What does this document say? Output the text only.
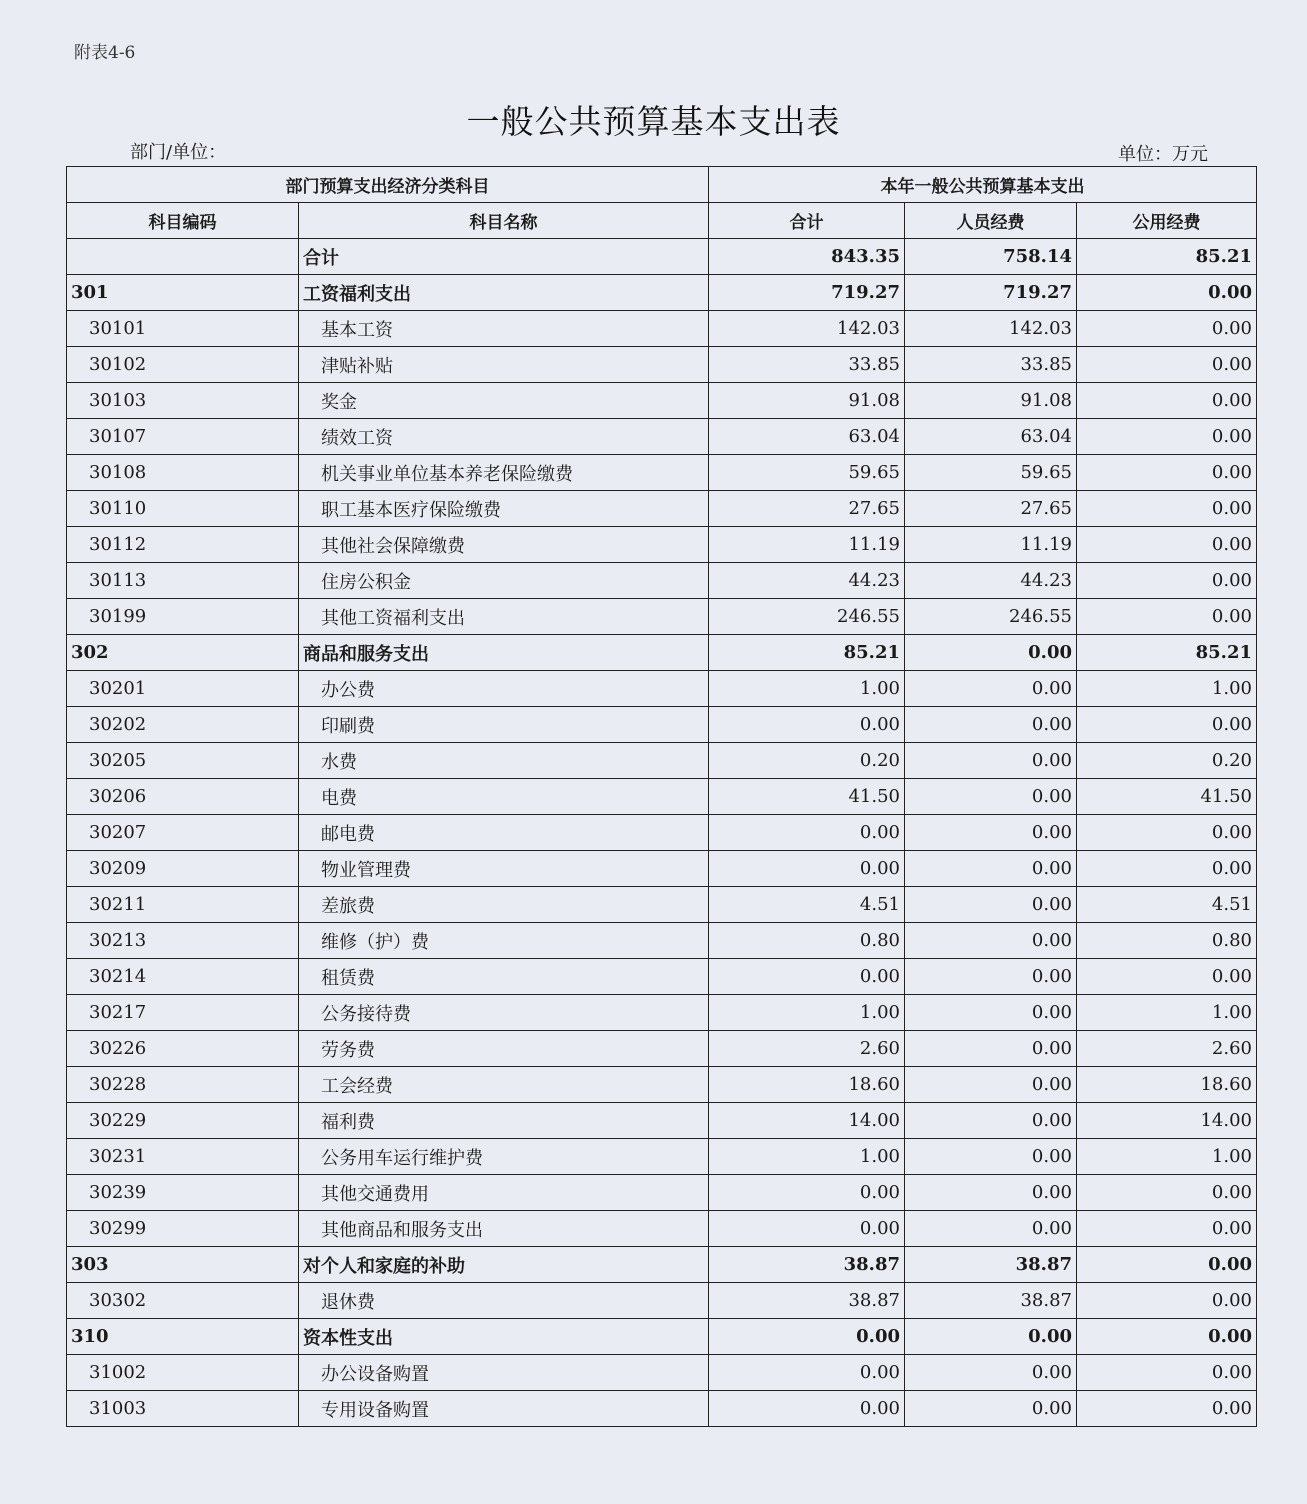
附表4-6
一般公共预算基本支出表
部门/单位：	单位：万元
部门预算支出经济分类科目		本年一般公共预算基本支出		
科目编码	科目名称	合计	人员经费	公用经费
	合计	843.35	758.14	85.21
301	工资福利支出	719.27	719.27	0.00
30101	基本工资	142.03	142.03	0.00
30102	津贴补贴	33.85	33.85	0.00
30103	奖金	91.08	91.08	0.00
30107	绩效工资	63.04	63.04	0.00
30108	机关事业单位基本养老保险缴费	59.65	59.65	0.00
30110	职工基本医疗保险缴费	27.65	27.65	0.00
30112	其他社会保障缴费	11.19	11.19	0.00
30113	住房公积金	44.23	44.23	0.00
30199	其他工资福利支出	246.55	246.55	0.00
302	商品和服务支出	85.21	0.00	85.21
30201	办公费	1.00	0.00	1.00
30202	印刷费	0.00	0.00	0.00
30205	水费	0.20	0.00	0.20
30206	电费	41.50	0.00	41.50
30207	邮电费	0.00	0.00	0.00
30209	物业管理费	0.00	0.00	0.00
30211	差旅费	4.51	0.00	4.51
30213	维修（护）费	0.80	0.00	0.80
30214	租赁费	0.00	0.00	0.00
30217	公务接待费	1.00	0.00	1.00
30226	劳务费	2.60	0.00	2.60
30228	工会经费	18.60	0.00	18.60
30229	福利费	14.00	0.00	14.00
30231	公务用车运行维护费	1.00	0.00	1.00
30239	其他交通费用	0.00	0.00	0.00
30299	其他商品和服务支出	0.00	0.00	0.00
303	对个人和家庭的补助	38.87	38.87	0.00
30302	退休费	38.87	38.87	0.00
310	资本性支出	0.00	0.00	0.00
31002	办公设备购置	0.00	0.00	0.00
31003	专用设备购置	0.00	0.00	0.00
